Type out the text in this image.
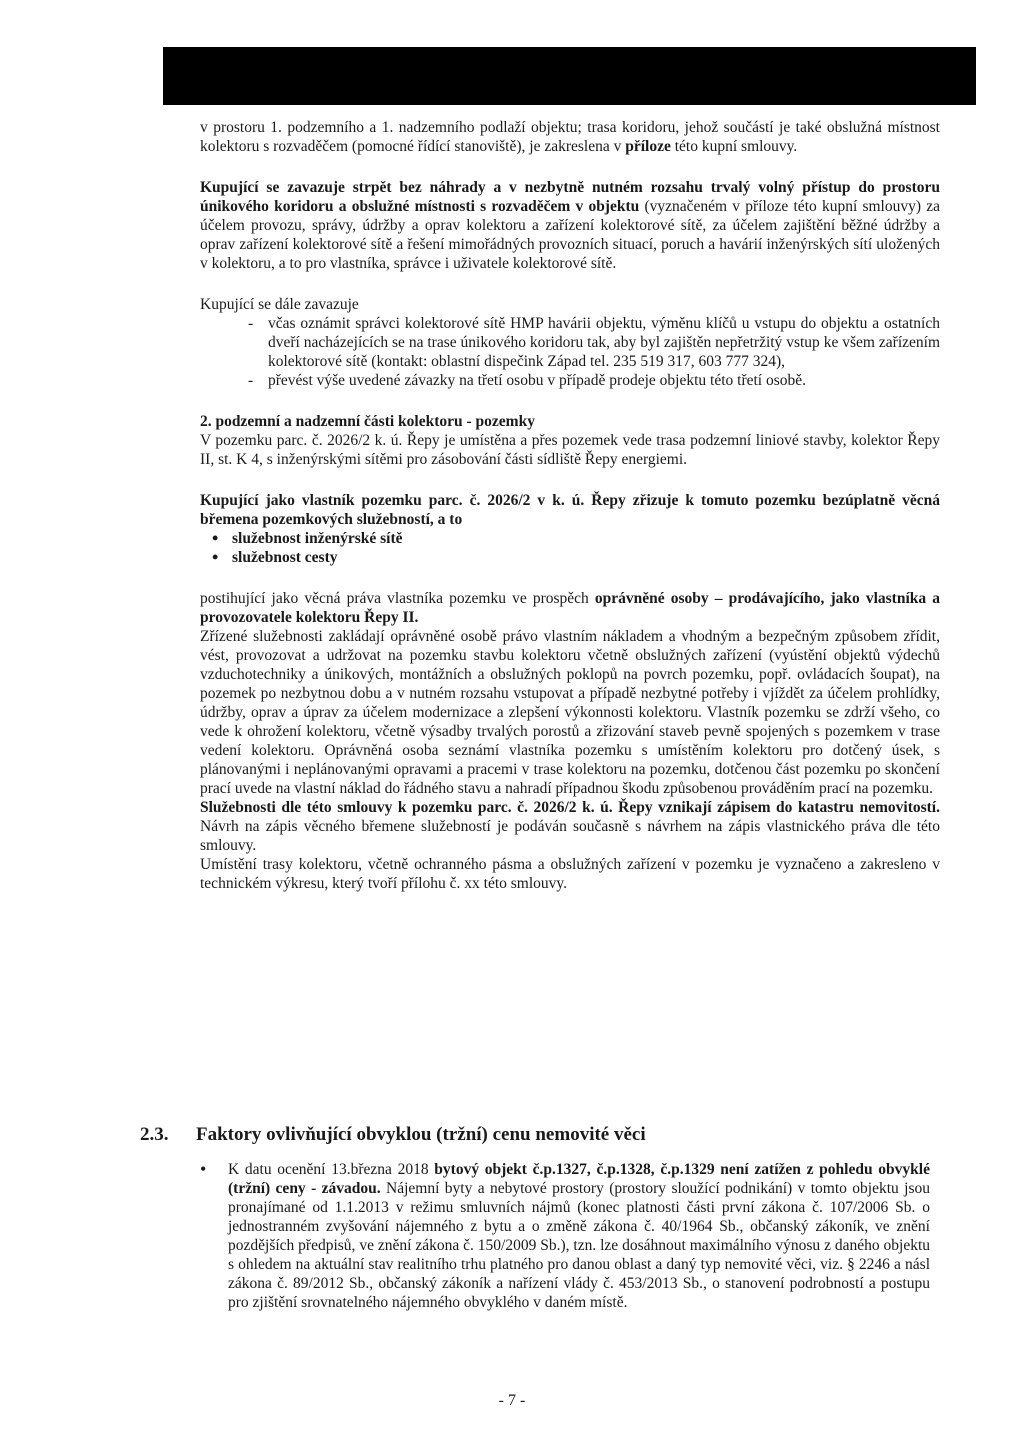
v prostoru 1. podzemního a 1. nadzemního podlaží objektu; trasa koridoru, jehož součástí je také obslužná místnost kolektoru s rozvaděčem (pomocné řídící stanoviště), je zakreslena v příloze této kupní smlouvy.

Kupující se zavazuje strpět bez náhrady a v nezbytně nutném rozsahu trvalý volný přístup do prostoru únikového koridoru a obslužné místnosti s rozvaděčem v objektu (vyznačeném v příloze této kupní smlouvy) za účelem provozu, správy, údržby a oprav kolektoru a zařízení kolektorové sítě, za účelem zajištění běžné údržby a oprav zařízení kolektorové sítě a řešení mimořádných provozních situací, poruch a havárií inženýrských sítí uložených v kolektoru, a to pro vlastníka, správce i uživatele kolektorové sítě.

Kupující se dále zavazuje

- včas oznámit správci kolektorové sítě HMP havárii objektu, výměnu klíčů u vstupu do objektu a ostatních dveří nacházejících se na trase únikového koridoru tak, aby byl zajištěn nepřetržitý vstup ke všem zařízením kolektorové sítě (kontakt: oblastní dispečink Západ tel. 235 519 317, 603 777 324),
- převést výše uvedené závazky na třetí osobu v případě prodeje objektu této třetí osobě.

2. podzemní a nadzemní části kolektoru - pozemky

V pozemku parc. č. 2026/2 k. ú. Řepy je umístěna a přes pozemek vede trasa podzemní liniové stavby, kolektor Řepy II, st. K 4, s inženýrskými sítěmi pro zásobování části sídliště Řepy energiemi.

Kupující jako vlastník pozemku parc. č. 2026/2 v k. ú. Řepy zřizuje k tomuto pozemku bezúplatně věcná břemena pozemkových služebností, a to

• služebnost inženýrské sítě
• služebnost cesty

postihující jako věcná práva vlastníka pozemku ve prospěch oprávněné osoby – prodávajícího, jako vlastníka a provozovatele kolektoru Řepy II.

Zřízené služebnosti zakládají oprávněné osobě právo vlastním nákladem a vhodným a bezpečným způsobem zřídit, vést, provozovat a udržovat na pozemku stavbu kolektoru včetně obslužných zařízení (vyústění objektů výdechů vzduchotechniky a únikových, montážních a obslužných poklopů na povrch pozemku, popř. ovládacích šoupat), na pozemek po nezbytnou dobu a v nutném rozsahu vstupovat a případě nezbytné potřeby i vjíždět za účelem prohlídky, údržby, oprav a úprav za účelem modernizace a zlepšení výkonnosti kolektoru. Vlastník pozemku se zdrží všeho, co vede k ohrožení kolektoru, včetně výsadby trvalých porostů a zřizování staveb pevně spojených s pozemkem v trase vedení kolektoru. Oprávněná osoba seznámí vlastníka pozemku s umístěním kolektoru pro dotčený úsek, s plánovanými i neplánovanými opravami a pracemi v trase kolektoru na pozemku, dotčenou část pozemku po skončení prací uvede na vlastní náklad do řádného stavu a nahradí případnou škodu způsobenou prováděním prací na pozemku.

Služebnosti dle této smlouvy k pozemku parc. č. 2026/2 k. ú. Řepy vznikají zápisem do katastru nemovitostí. Návrh na zápis věcného břemene služebností je podáván současně s návrhem na zápis vlastnického práva dle této smlouvy.

Umístění trasy kolektoru, včetně ochranného pásma a obslužných zařízení v pozemku je vyznačeno a zakresleno v technickém výkresu, který tvoří přílohu č. xx této smlouvy.

2.3. Faktory ovlivňující obvyklou (tržní) cenu nemovité věci
• K datu ocenění 13.března 2018 bytový objekt č.p.1327, č.p.1328, č.p.1329 není zatížen z pohledu obvyklé (tržní) ceny - závadou. Nájemní byty a nebytové prostory (prostory sloužící podnikání) v tomto objektu jsou pronajímané od 1.1.2013 v režimu smluvních nájmů (konec platnosti části první zákona č. 107/2006 Sb. o jednostranném zvyšování nájemného z bytu a o změně zákona č. 40/1964 Sb., občanský zákoník, ve znění pozdějších předpisů, ve znění zákona č. 150/2009 Sb.), tzn. lze dosáhnout maximálního výnosu z daného objektu s ohledem na aktuální stav realitního trhu platného pro danou oblast a daný typ nemovité věci, viz. § 2246 a násl zákona č. 89/2012 Sb., občanský zákoník a nařízení vlády č. 453/2013 Sb., o stanovení podrobností a postupu pro zjištění srovnatelného nájemného obvyklého v daném místě.
- 7 -
